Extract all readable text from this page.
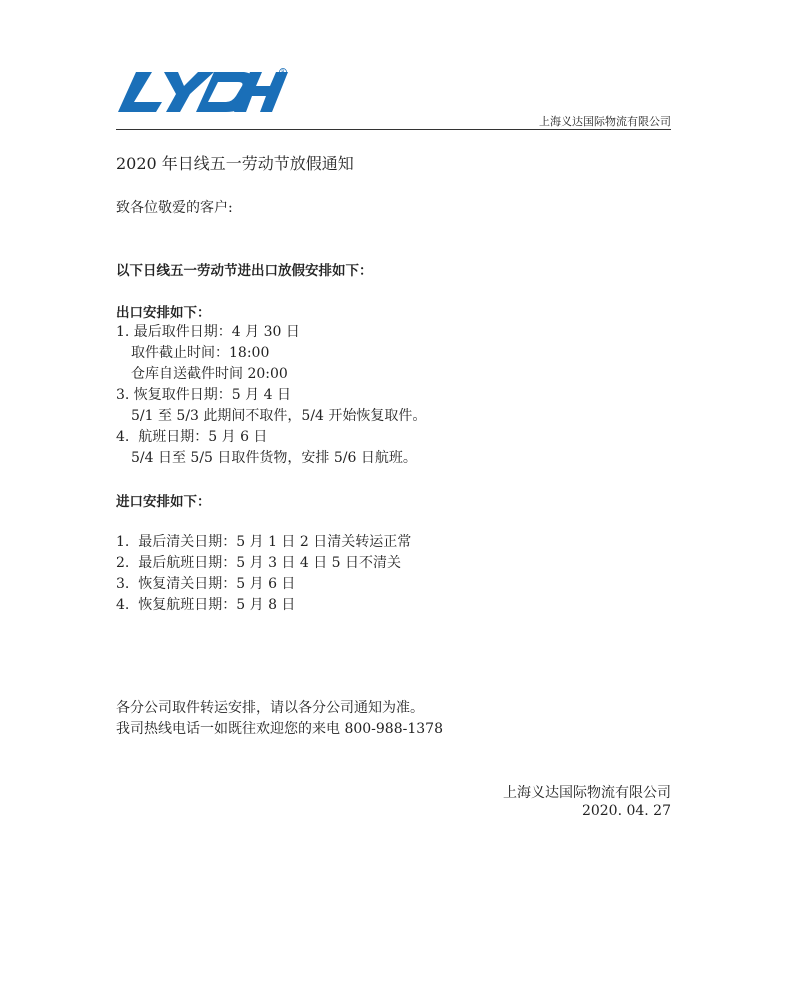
R
上海义达国际物流有限公司
2020 年日线五一劳动节放假通知
致各位敬爱的客户:
以下日线五一劳动节进出口放假安排如下：
出口安排如下：
1. 最后取件日期：4 月 30 日
取件截止时间：18:00
仓库自送截件时间 20:00
3. 恢复取件日期：5 月 4 日
5/1 至 5/3 此期间不取件，5/4 开始恢复取件。
4.  航班日期：5 月 6 日
5/4 日至 5/5 日取件货物，安排 5/6 日航班。
进口安排如下：
1.  最后清关日期：5 月 1 日 2 日清关转运正常
2.  最后航班日期：5 月 3 日 4 日 5 日不清关
3.  恢复清关日期：5 月 6 日
4.  恢复航班日期：5 月 8 日
各分公司取件转运安排，请以各分公司通知为准。
我司热线电话一如既往欢迎您的来电 800-988-1378
上海义达国际物流有限公司
2020. 04. 27
